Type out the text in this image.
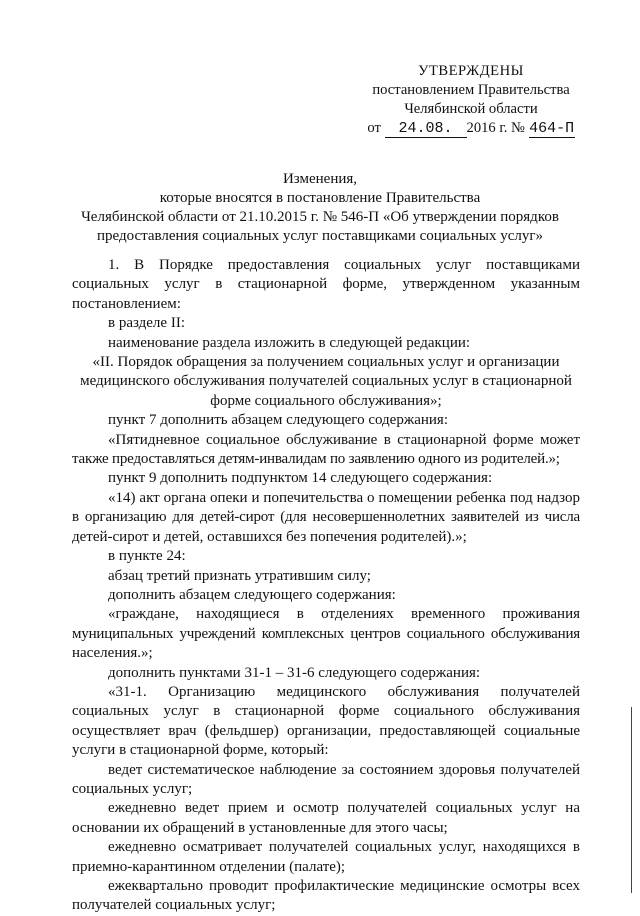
УТВЕРЖДЕНЫ
постановлением Правительства
Челябинской области
от 24.08. 2016 г. № 464-П
Изменения,
которые вносятся в постановление Правительства
Челябинской области от 21.10.2015 г. № 546-П «Об утверждении порядков
предоставления социальных услуг поставщиками социальных услуг»

1. В Порядке предоставления социальных услуг поставщиками

социальных услуг в стационарной форме, утвержденном указанным

постановлением:

в разделе II:

наименование раздела изложить в следующей редакции:

«II. Порядок обращения за получением социальных услуг и организации

медицинского обслуживания получателей социальных услуг в стационарной

форме социального обслуживания»;

пункт 7 дополнить абзацем следующего содержания:

«Пятидневное социальное обслуживание в стационарной форме может

также предоставляться детям-инвалидам по заявлению одного из родителей.»;

пункт 9 дополнить подпунктом 14 следующего содержания:

«14) акт органа опеки и попечительства о помещении ребенка под надзор

в организацию для детей-сирот (для несовершеннолетних заявителей из числа

детей-сирот и детей, оставшихся без попечения родителей).»;

в пункте 24:

абзац третий признать утратившим силу;

дополнить абзацем следующего содержания:

«граждане, находящиеся в отделениях временного проживания

муниципальных учреждений комплексных центров социального обслуживания

населения.»;

дополнить пунктами 31-1 – 31-6 следующего содержания:

«31-1. Организацию медицинского обслуживания получателей

социальных услуг в стационарной форме социального обслуживания

осуществляет врач (фельдшер) организации, предоставляющей социальные

услуги в стационарной форме, который:

ведет систематическое наблюдение за состоянием здоровья получателей

социальных услуг;

ежедневно ведет прием и осмотр получателей социальных услуг на

основании их обращений в установленные для этого часы;

ежедневно осматривает получателей социальных услуг, находящихся в

приемно-карантинном отделении (палате);

ежеквартально проводит профилактические медицинские осмотры всех

получателей социальных услуг;
